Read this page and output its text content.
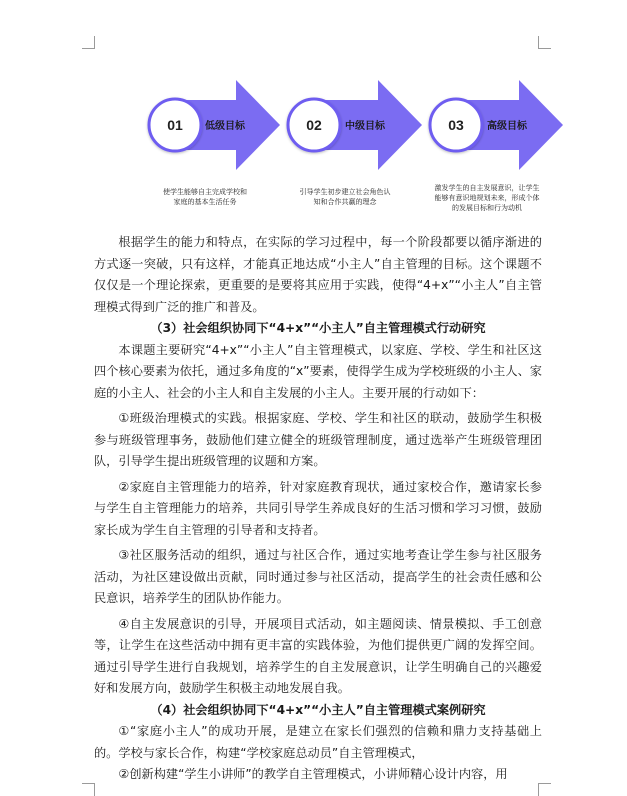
01 低级目标	02 中级目标	03 高级目标
使学生能够自主完成学校和
家庭的基本生活任务
引导学生初步建立社会角色认
知和合作共赢的理念
激发学生的自主发展意识，让学生
能够有意识地规划未来，形成个体
的发展目标和行为动机

根据学生的能力和特点，在实际的学习过程中，每一个阶段都要以循序渐进的方式逐一突破，只有这样，才能真正地达成“小主人”自主管理的目标。这个课题不仅仅是一个理论探索，更重要的是要将其应用于实践，使得“4+x”“小主人”自主管理模式得到广泛的推广和普及。

（3）社会组织协同下“4+x”“小主人”自主管理模式行动研究

本课题主要研究“4+x”“小主人”自主管理模式，以家庭、学校、学生和社区这四个核心要素为依托，通过多角度的“x”要素，使得学生成为学校班级的小主人、家庭的小主人、社会的小主人和自主发展的小主人。主要开展的行动如下：

①班级治理模式的实践。根据家庭、学校、学生和社区的联动，鼓励学生积极参与班级管理事务，鼓励他们建立健全的班级管理制度，通过选举产生班级管理团队，引导学生提出班级管理的议题和方案。

②家庭自主管理能力的培养，针对家庭教育现状，通过家校合作，邀请家长参与学生自主管理能力的培养，共同引导学生养成良好的生活习惯和学习习惯，鼓励家长成为学生自主管理的引导者和支持者。

③社区服务活动的组织，通过与社区合作，通过实地考查让学生参与社区服务活动，为社区建设做出贡献，同时通过参与社区活动，提高学生的社会责任感和公民意识，培养学生的团队协作能力。

④自主发展意识的引导，开展项目式活动，如主题阅读、情景模拟、手工创意等，让学生在这些活动中拥有更丰富的实践体验，为他们提供更广阔的发挥空间。通过引导学生进行自我规划，培养学生的自主发展意识，让学生明确自己的兴趣爱好和发展方向，鼓励学生积极主动地发展自我。

（4）社会组织协同下“4+x”“小主人”自主管理模式案例研究

①“家庭小主人”的成功开展，是建立在家长们强烈的信赖和鼎力支持基础上的。学校与家长合作，构建“学校家庭总动员”自主管理模式，

②创新构建“学生小讲师”的教学自主管理模式，小讲师精心设计内容，用
